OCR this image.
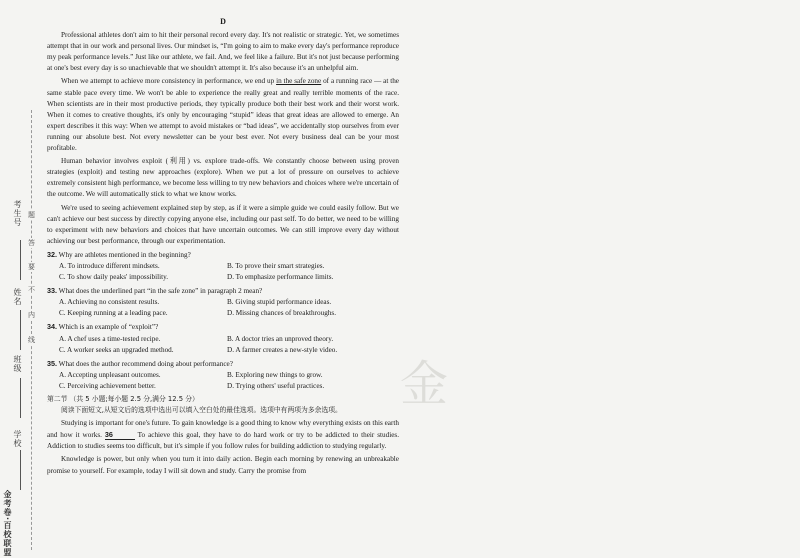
考生号
姓名
班级
学校
题
答
要
不
内
线
金考卷·百校联盟
金
D

Professional athletes don't aim to hit their personal record every day. It's not realistic or strategic. Yet, we sometimes attempt that in our work and personal lives. Our mindset is, “I'm going to aim to make every day's performance reproduce my peak performance levels.” Just like our athlete, we fail. And, we feel like a failure. But it's not just because performing at one's best every day is so unachievable that we shouldn't attempt it. It's also because it's an unhelpful aim.

When we attempt to achieve more consistency in performance, we end up in the safe zone of a running race — at the same stable pace every time. We won't be able to experience the really great and really terrible moments of the race. When scientists are in their most productive periods, they typically produce both their best work and their worst work. When it comes to creative thoughts, it's only by encouraging “stupid” ideas that great ideas are allowed to emerge. An expert describes it this way: When we attempt to avoid mistakes or “bad ideas”, we accidentally stop ourselves from ever running our absolute best. Not every newsletter can be your best ever. Not every business deal can be your most profitable.

Human behavior involves exploit (利用) vs. explore trade-offs. We constantly choose between using proven strategies (exploit) and testing new approaches (explore). When we put a lot of pressure on ourselves to achieve extremely consistent high performance, we become less willing to try new behaviors and choices where we're uncertain of the outcome. We will automatically stick to what we know works.

We're used to seeing achievement explained step by step, as if it were a simple guide we could easily follow. But we can't achieve our best success by directly copying anyone else, including our past self. To do better, we need to be willing to experiment with new behaviors and choices that have uncertain outcomes. We can still improve every day without achieving our best performance, through our experimentation.

32. Why are athletes mentioned in the beginning?
A. To introduce different mindsets.	B. To prove their smart strategies.
C. To show daily peaks' impossibility.	D. To emphasize performance limits.
33. What does the underlined part “in the safe zone” in paragraph 2 mean?
A. Achieving no consistent results.	B. Giving stupid performance ideas.
C. Keeping running at a leading pace.	D. Missing chances of breakthroughs.
34. Which is an example of “exploit”?
A. A chef uses a time-tested recipe.	B. A doctor tries an unproved theory.
C. A worker seeks an upgraded method.	D. A farmer creates a new-style video.
35. What does the author recommend doing about performance?
A. Accepting unpleasant outcomes.	B. Exploring new things to grow.
C. Perceiving achievement better.	D. Trying others' useful practices.
第二节 （共 5 小题;每小题 2.5 分,满分 12.5 分）

阅读下面短文,从短文后的选项中选出可以填入空白处的最佳选项。选项中有两项为多余选项。

Studying is important for one's future. To gain knowledge is a good thing to know why everything exists on this earth and how it works. 36	To achieve this goal, they have to do hard work or try to be addicted to their studies. Addiction to studies seems too difficult, but it's simple if you follow rules for building addiction to studying regularly.

Knowledge is power, but only when you turn it into daily action. Begin each morning by renewing an unbreakable promise to yourself. For example, today I will sit down and study. Carry the promise from
